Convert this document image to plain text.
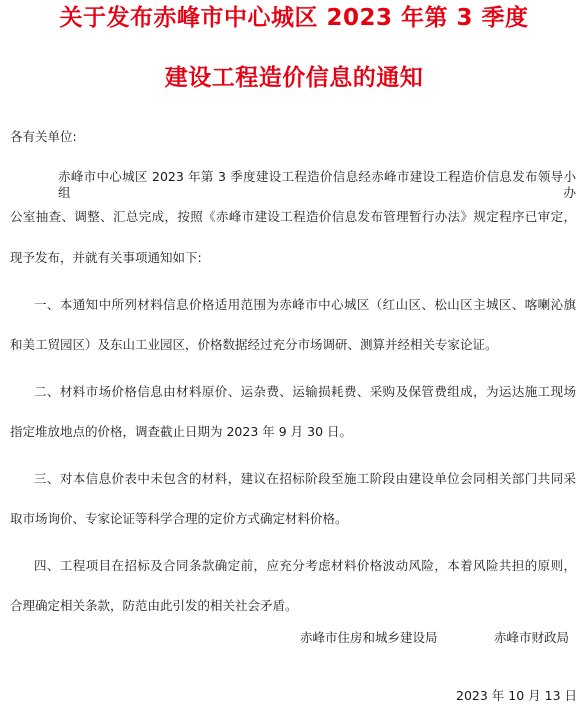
关于发布赤峰市中心城区 2023 年第 3 季度
建设工程造价信息的通知
各有关单位:
赤峰市中心城区 2023 年第 3 季度建设工程造价信息经赤峰市建设工程造价信息发布领导小组办
公室抽查、调整、汇总完成，按照《赤峰市建设工程造价信息发布管理暂行办法》规定程序已审定，
现予发布，并就有关事项通知如下:
一、本通知中所列材料信息价格适用范围为赤峰市中心城区（红山区、松山区主城区、喀喇沁旗
和美工贸园区）及东山工业园区，价格数据经过充分市场调研、测算并经相关专家论证。
二、材料市场价格信息由材料原价、运杂费、运输损耗费、采购及保管费组成，为运达施工现场
指定堆放地点的价格，调查截止日期为 2023 年 9 月 30 日。
三、对本信息价表中未包含的材料，建议在招标阶段至施工阶段由建设单位会同相关部门共同采
取市场询价、专家论证等科学合理的定价方式确定材料价格。
四、工程项目在招标及合同条款确定前，应充分考虑材料价格波动风险，本着风险共担的原则，
合理确定相关条款，防范由此引发的相关社会矛盾。
赤峰市住房和城乡建设局	赤峰市财政局
2023 年 10 月 13 日
